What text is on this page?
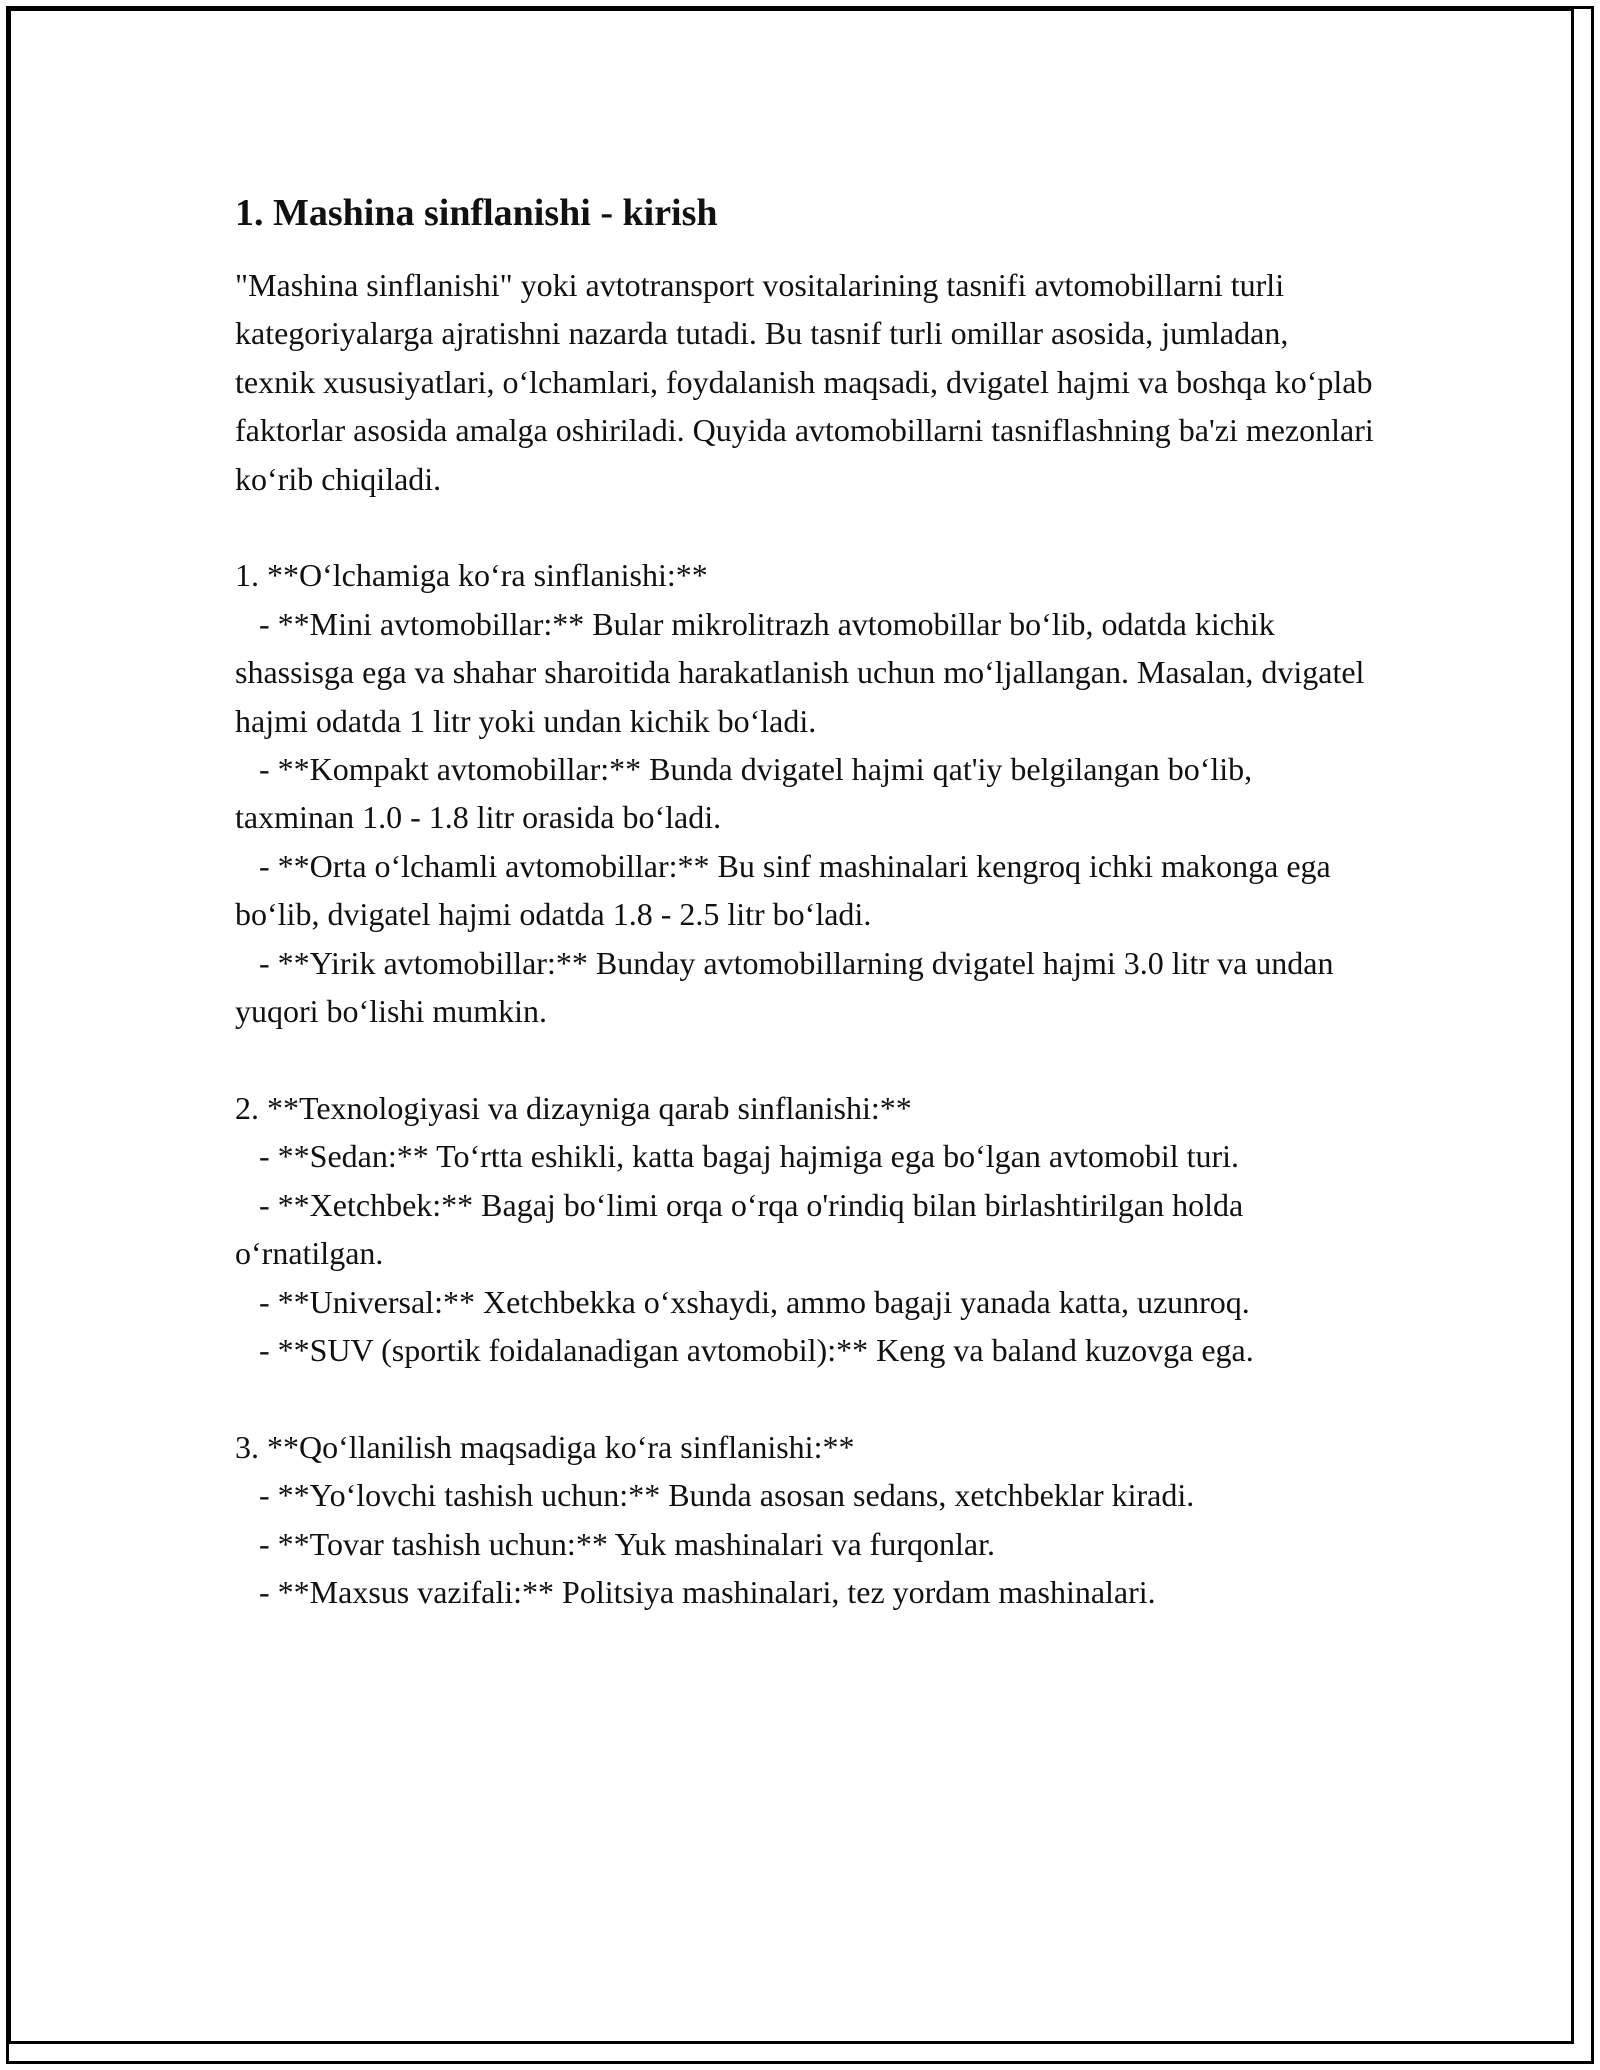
1. Mashina sinflanishi - kirish

"Mashina sinflanishi" yoki avtotransport vositalarining tasnifi avtomobillarni turli kategoriyalarga ajratishni nazarda tutadi. Bu tasnif turli omillar asosida, jumladan, texnik xususiyatlari, oʻlchamlari, foydalanish maqsadi, dvigatel hajmi va boshqa koʻplab faktorlar asosida amalga oshiriladi. Quyida avtomobillarni tasniflashning ba'zi mezonlari koʻrib chiqiladi.

1. **Oʻlchamiga koʻra sinflanishi:**

- **Mini avtomobillar:** Bular mikrolitrazh avtomobillar boʻlib, odatda kichik shassisga ega va shahar sharoitida harakatlanish uchun moʻljallangan. Masalan, dvigatel hajmi odatda 1 litr yoki undan kichik boʻladi.

- **Kompakt avtomobillar:** Bunda dvigatel hajmi qat'iy belgilangan boʻlib, taxminan 1.0 - 1.8 litr orasida boʻladi.

- **Orta oʻlchamli avtomobillar:** Bu sinf mashinalari kengroq ichki makonga ega boʻlib, dvigatel hajmi odatda 1.8 - 2.5 litr boʻladi.

- **Yirik avtomobillar:** Bunday avtomobillarning dvigatel hajmi 3.0 litr va undan yuqori boʻlishi mumkin.

2. **Texnologiyasi va dizayniga qarab sinflanishi:**

- **Sedan:** Toʻrtta eshikli, katta bagaj hajmiga ega boʻlgan avtomobil turi.

- **Xetchbek:** Bagaj boʻlimi orqa oʻrqa o'rindiq bilan birlashtirilgan holda oʻrnatilgan.

- **Universal:** Xetchbekka oʻxshaydi, ammo bagaji yanada katta, uzunroq.

- **SUV (sportik foidalanadigan avtomobil):** Keng va baland kuzovga ega.

3. **Qoʻllanilish maqsadiga koʻra sinflanishi:**

- **Yoʻlovchi tashish uchun:** Bunda asosan sedans, xetchbeklar kiradi.

- **Tovar tashish uchun:** Yuk mashinalari va furqonlar.

- **Maxsus vazifali:** Politsiya mashinalari, tez yordam mashinalari.
